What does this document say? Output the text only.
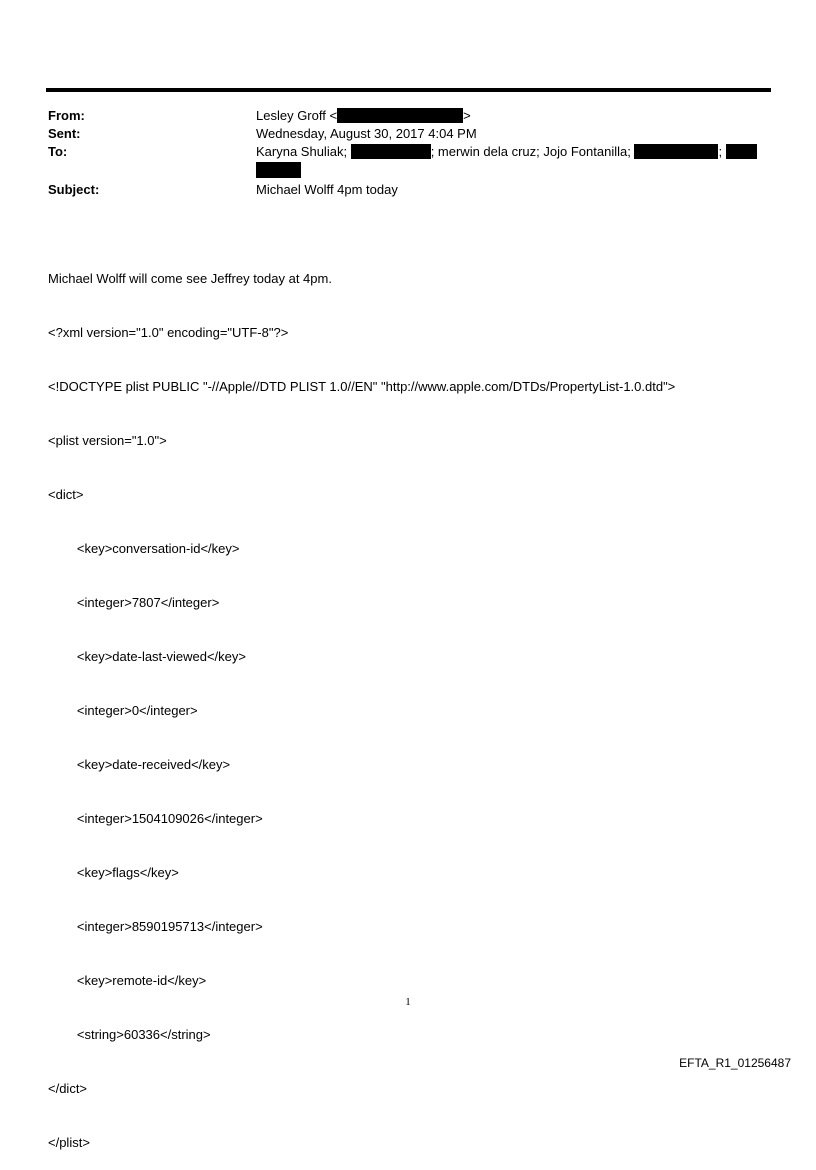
From:	Lesley Groff <	>
Sent:	Wednesday, August 30, 2017 4:04 PM
To:	Karyna Shuliak;	; merwin dela cruz; Jojo Fontanilla;	;
Subject:	Michael Wolff 4pm today

Michael Wolff will come see Jeffrey today at 4pm.

<?xml version="1.0" encoding="UTF-8"?>

<!DOCTYPE plist PUBLIC "-//Apple//DTD PLIST 1.0//EN" "http://www.apple.com/DTDs/PropertyList-1.0.dtd">

<plist version="1.0">

<dict>

<key>conversation-id</key>

<integer>7807</integer>

<key>date-last-viewed</key>

<integer>0</integer>

<key>date-received</key>

<integer>1504109026</integer>

<key>flags</key>

<integer>8590195713</integer>

<key>remote-id</key>

<string>60336</string>

</dict>

</plist>

1
EFTA_R1_01256487
